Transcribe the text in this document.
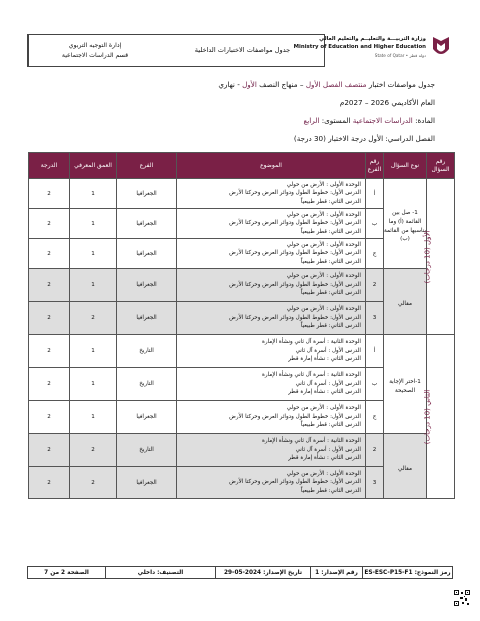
جدول مواصفات الاختبارات الداخلية
إدارة التوجيه التربوي
قسم الدراسات الاجتماعية
وزارة التربيـــة والتعليــم والتعليم العالي
Ministry of Education and Higher Education
State of Qatar • دولة قطر
جدول مواصفات اختبار منتصف الفصل الأول – منهاج النصف الأول - نهاري
العام الأكاديمي 2026 – 2027م
المادة: الدراسات الاجتماعية المستوى: الرابع
الفصل الدراسي: الأول درجة الاختبار (30 درجة)
رقم السؤال	نوع السؤال	رقم الفرع	الموضوع	الفرع	العمق المعرفي	الدرجة
الأول (10 درجات)	1- صل بين القائمة (أ) وما يناسبها من القائمة (ب)	أ	الوحدة الأولى : الأرض من حولي
الدرس الأول: خطوط الطول ودوائر العرض وحركتا الأرض
الدرس الثاني: قطر طبيعياً	الجغرافيا	1	2
		ب	الوحدة الأولى : الأرض من حولي
الدرس الأول: خطوط الطول ودوائر العرض وحركتا الأرض
الدرس الثاني: قطر طبيعياً	الجغرافيا	1	2
		ج	الوحدة الأولى : الأرض من حولي
الدرس الأول: خطوط الطول ودوائر العرض وحركتا الأرض
الدرس الثاني: قطر طبيعياً	الجغرافيا	1	2
	مقالي	2	الوحدة الأولى : الأرض من حولي
الدرس الأول: خطوط الطول ودوائر العرض وحركتا الأرض
الدرس الثاني: قطر طبيعياً	الجغرافيا	1	2
		3	الوحدة الأولى : الأرض من حولي
الدرس الأول: خطوط الطول ودوائر العرض وحركتا الأرض
الدرس الثاني: قطر طبيعياً	الجغرافيا	2	2
الثاني (10 درجات)	1-اختر الإجابة الصحيحة	أ	الوحدة الثانية : أسرة آل ثاني ونشأة الإمارة
الدرس الأول : أسرة آل ثاني
الدرس الثاني : نشأة إمارة قطر	التاريخ	1	2
		ب	الوحدة الثانية : أسرة آل ثاني ونشأة الإمارة
الدرس الأول : أسرة آل ثاني
الدرس الثاني : نشأة إمارة قطر	التاريخ	1	2
		ج	الوحدة الأولى : الأرض من حولي
الدرس الأول: خطوط الطول ودوائر العرض وحركتا الأرض
الدرس الثاني: قطر طبيعياً	الجغرافيا	1	2
	مقالي	2	الوحدة الثانية : أسرة آل ثاني ونشأة الإمارة
الدرس الأول : أسرة آل ثاني
الدرس الثاني : نشأة إمارة قطر	التاريخ	2	2
		3	الوحدة الأولى : الأرض من حولي
الدرس الأول: خطوط الطول ودوائر العرض وحركتا الأرض
الدرس الثاني: قطر طبيعياً	الجغرافيا	2	2
رمز النموذج: ES-ESC-P15-F1
رقم الإصدار: 1
تاريخ الإصدار: 2024-05-29
التصنيف: داخلي
الصفحة 2 من 7
